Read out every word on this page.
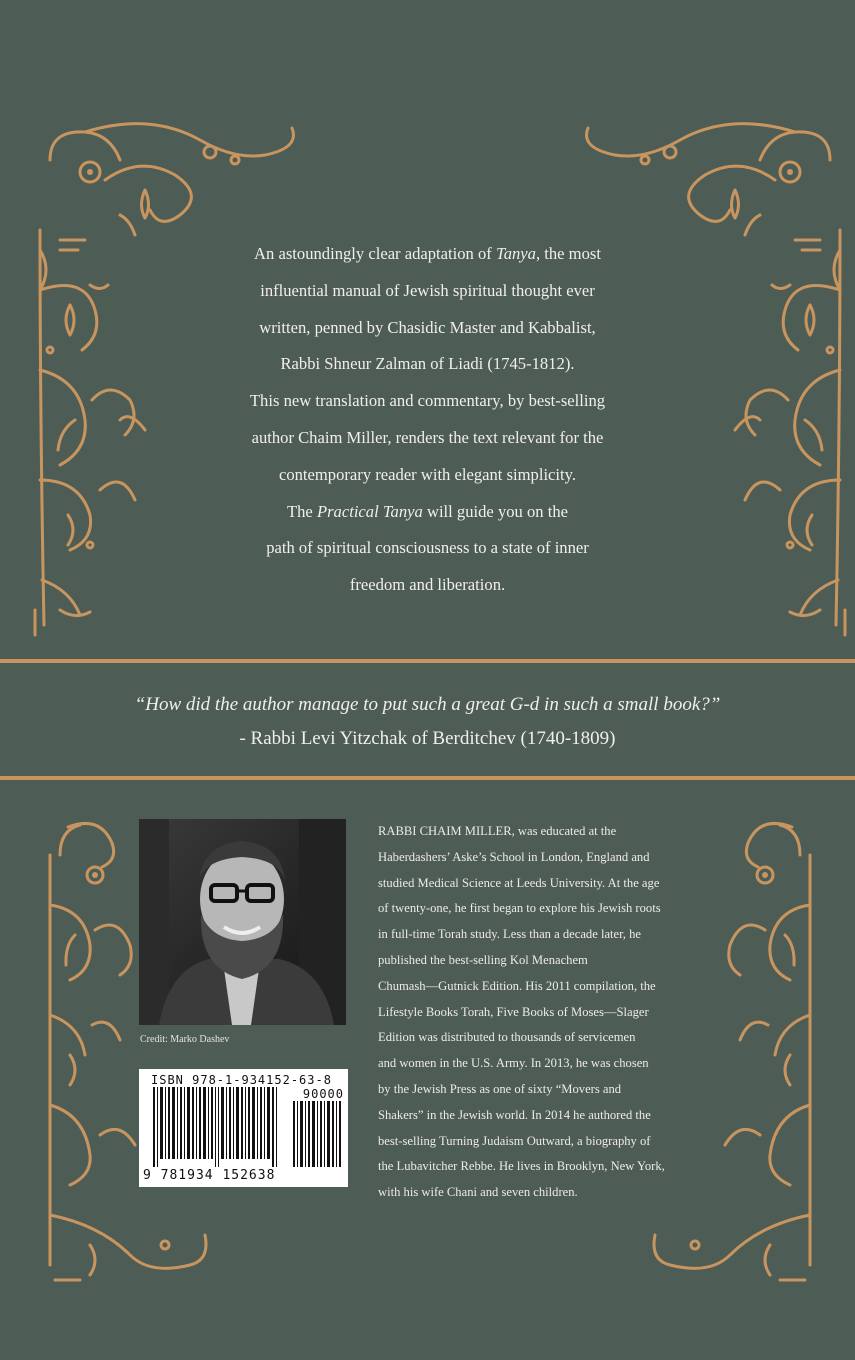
An astoundingly clear adaptation of Tanya, the most

influential manual of Jewish spiritual thought ever

written, penned by Chasidic Master and Kabbalist,

Rabbi Shneur Zalman of Liadi (1745-1812).

This new translation and commentary, by best-selling

author Chaim Miller, renders the text relevant for the

contemporary reader with elegant simplicity.

The Practical Tanya will guide you on the

path of spiritual consciousness to a state of inner

freedom and liberation.

“How did the author manage to put such a great G-d in such a small book?”
- Rabbi Levi Yitzchak of Berditchev (1740-1809)
Credit: Marko Dashev
ISBN 978-1-934152-63-8
90000
9 781934 152638
RABBI CHAIM MILLER, was educated at the
Haberdashers’ Aske’s School in London, England and
studied Medical Science at Leeds University. At the age
of twenty-one, he first began to explore his Jewish roots
in full-time Torah study. Less than a decade later, he
published the best-selling Kol Menachem
Chumash—Gutnick Edition. His 2011 compilation, the
Lifestyle Books Torah, Five Books of Moses—Slager
Edition was distributed to thousands of servicemen
and women in the U.S. Army. In 2013, he was chosen
by the Jewish Press as one of sixty “Movers and
Shakers” in the Jewish world. In 2014 he authored the
best-selling Turning Judaism Outward, a biography of
the Lubavitcher Rebbe. He lives in Brooklyn, New York,
with his wife Chani and seven children.
